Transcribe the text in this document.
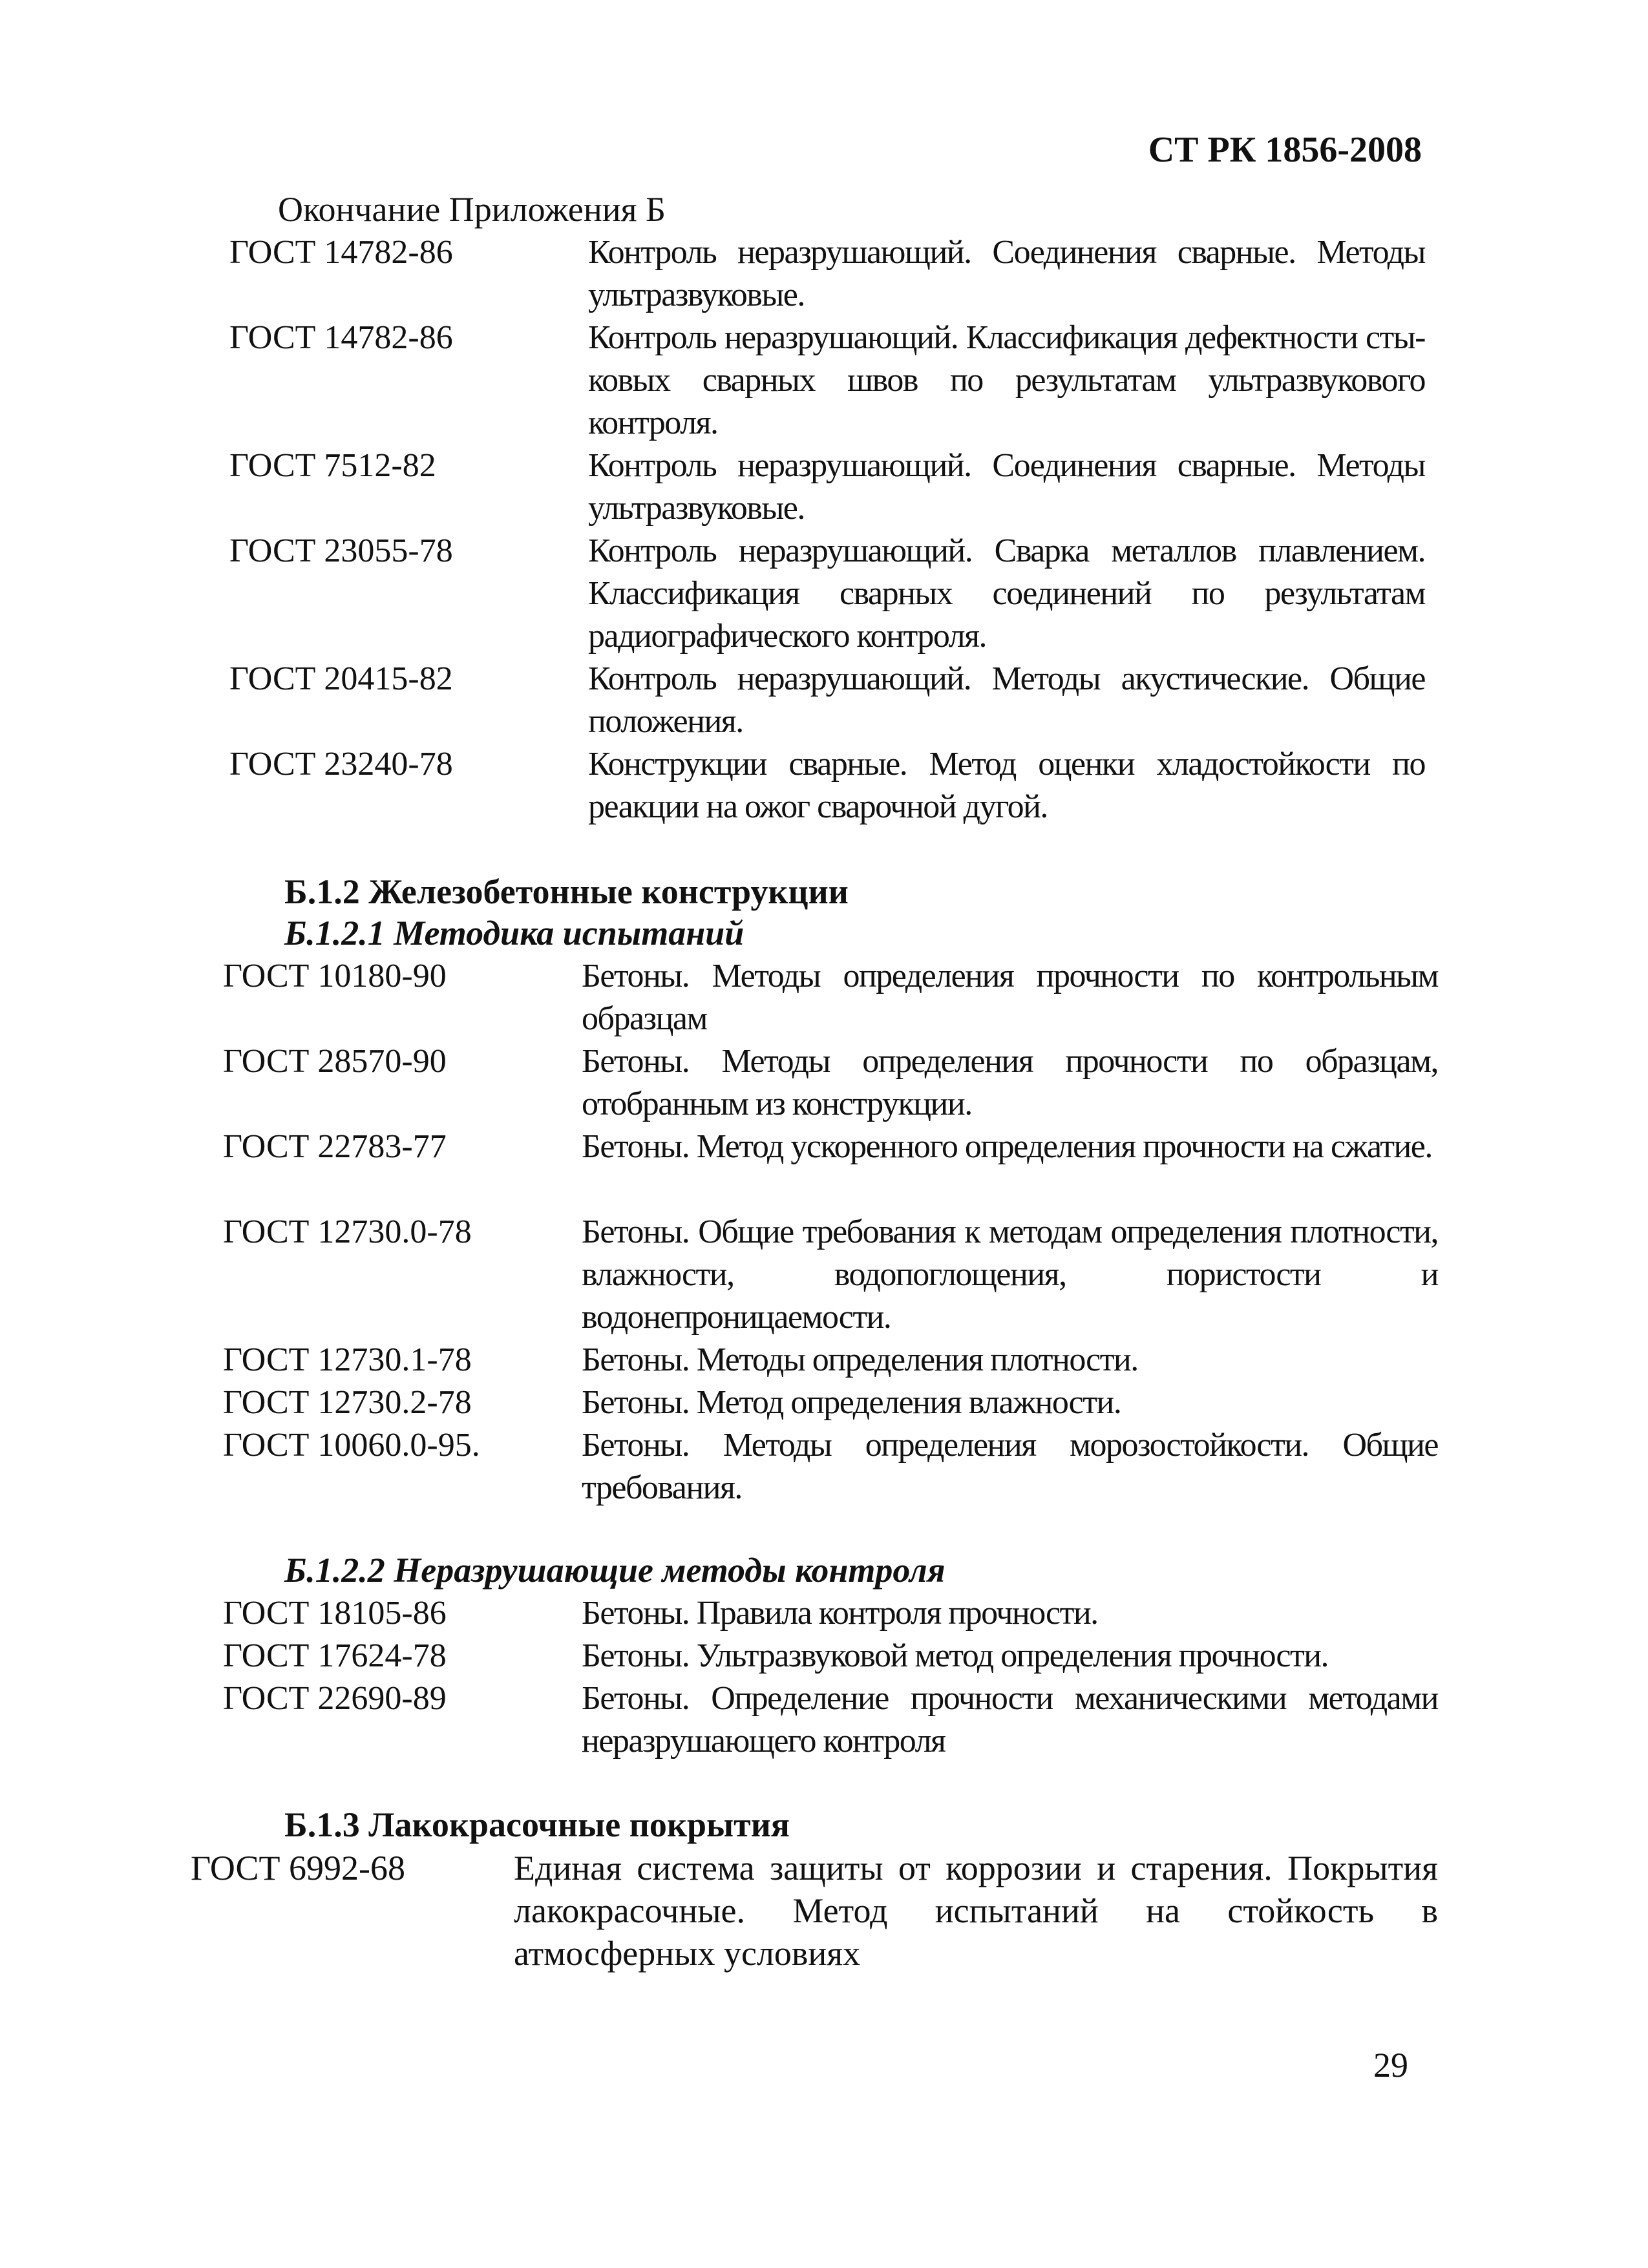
СТ РК 1856-2008
Окончание Приложения Б
ГОСТ 14782-86	Контроль неразрушающий. Соединения сварные. Методы ультразвуковые.
ГОСТ 14782-86	Контроль неразрушающий. Классификация дефектности сты-ковых сварных швов по результатам ультразвукового контроля.
ГОСТ 7512-82	Контроль неразрушающий. Соединения сварные. Методы ультразвуковые.
ГОСТ 23055-78	Контроль неразрушающий. Сварка металлов плавлением. Классификация сварных соединений по результатам радиографического контроля.
ГОСТ 20415-82	Контроль неразрушающий. Методы акустические. Общие положения.
ГОСТ 23240-78	Конструкции сварные. Метод оценки хладостойкости по реакции на ожог сварочной дугой.
Б.1.2 Железобетонные конструкции
Б.1.2.1 Методика испытаний
ГОСТ 10180-90	Бетоны. Методы определения прочности по контрольным образцам
ГОСТ 28570-90	Бетоны. Методы определения прочности по образцам, отобранным из конструкции.
ГОСТ 22783-77	Бетоны. Метод ускоренного определения прочности на сжатие.
ГОСТ 12730.0-78	Бетоны. Общие требования к методам определения плотности, влажности, водопоглощения, пористости и водонепроницаемости.
ГОСТ 12730.1-78	Бетоны. Методы определения плотности.
ГОСТ 12730.2-78	Бетоны. Метод определения влажности.
ГОСТ 10060.0-95.	Бетоны. Методы определения морозостойкости. Общие требования.
Б.1.2.2 Неразрушающие методы контроля
ГОСТ 18105-86	Бетоны. Правила контроля прочности.
ГОСТ 17624-78	Бетоны. Ультразвуковой метод определения прочности.
ГОСТ 22690-89	Бетоны. Определение прочности механическими методами неразрушающего контроля
Б.1.3 Лакокрасочные покрытия
ГОСТ 6992-68	Единая система защиты от коррозии и старения. Покрытия лакокрасочные. Метод испытаний на стойкость в атмосферных условиях
29
